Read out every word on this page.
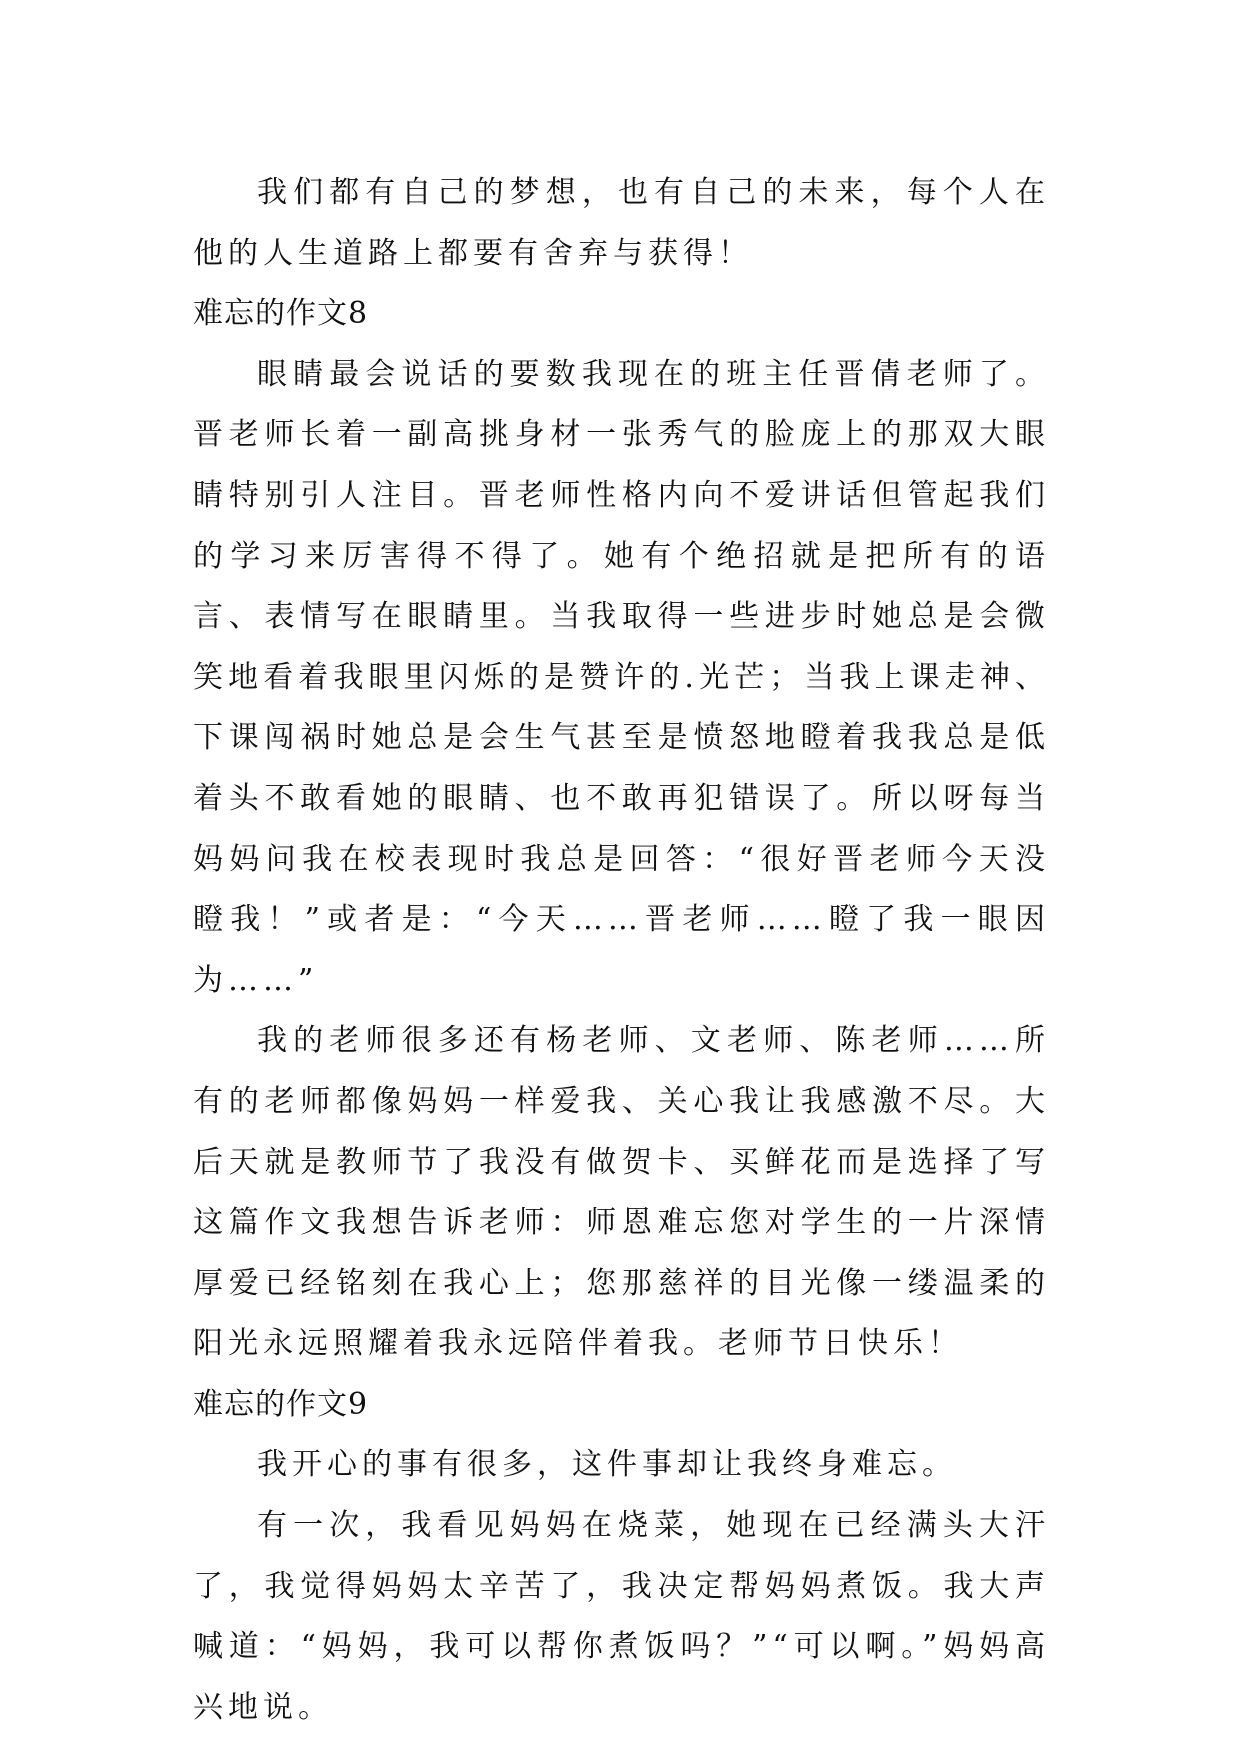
我们都有自己的梦想，也有自己的未来，每个人在他的人生道路上都要有舍弃与获得！

难忘的作文8

眼睛最会说话的要数我现在的班主任晋倩老师了。晋老师长着一副高挑身材一张秀气的脸庞上的那双大眼睛特别引人注目。晋老师性格内向不爱讲话但管起我们的学习来厉害得不得了。她有个绝招就是把所有的语言、表情写在眼睛里。当我取得一些进步时她总是会微笑地看着我眼里闪烁的是赞许的.光芒；当我上课走神、下课闯祸时她总是会生气甚至是愤怒地瞪着我我总是低着头不敢看她的眼睛、也不敢再犯错误了。所以呀每当妈妈问我在校表现时我总是回答：“很好晋老师今天没瞪我！”或者是：“今天……晋老师……瞪了我一眼因为……”

我的老师很多还有杨老师、文老师、陈老师……所有的老师都像妈妈一样爱我、关心我让我感激不尽。大后天就是教师节了我没有做贺卡、买鲜花而是选择了写这篇作文我想告诉老师：师恩难忘您对学生的一片深情厚爱已经铭刻在我心上；您那慈祥的目光像一缕温柔的阳光永远照耀着我永远陪伴着我。老师节日快乐！

难忘的作文9

我开心的事有很多，这件事却让我终身难忘。

有一次，我看见妈妈在烧菜，她现在已经满头大汗了，我觉得妈妈太辛苦了，我决定帮妈妈煮饭。我大声喊道：“妈妈，我可以帮你煮饭吗？”“可以啊。”妈妈高兴地说。
